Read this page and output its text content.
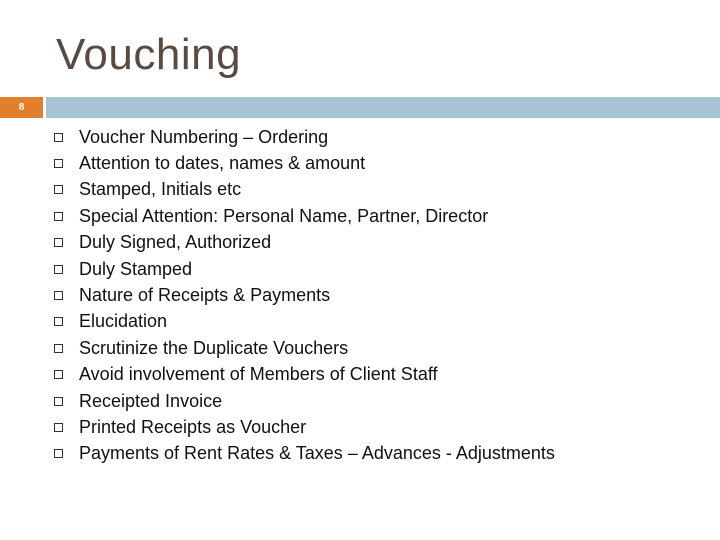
Vouching
8
Voucher Numbering – Ordering
Attention to dates, names & amount
Stamped, Initials etc
Special Attention: Personal Name, Partner, Director
Duly Signed, Authorized
Duly Stamped
Nature of Receipts & Payments
Elucidation
Scrutinize the Duplicate Vouchers
Avoid involvement of Members of Client Staff
Receipted Invoice
Printed Receipts as Voucher
Payments of Rent Rates & Taxes – Advances - Adjustments
